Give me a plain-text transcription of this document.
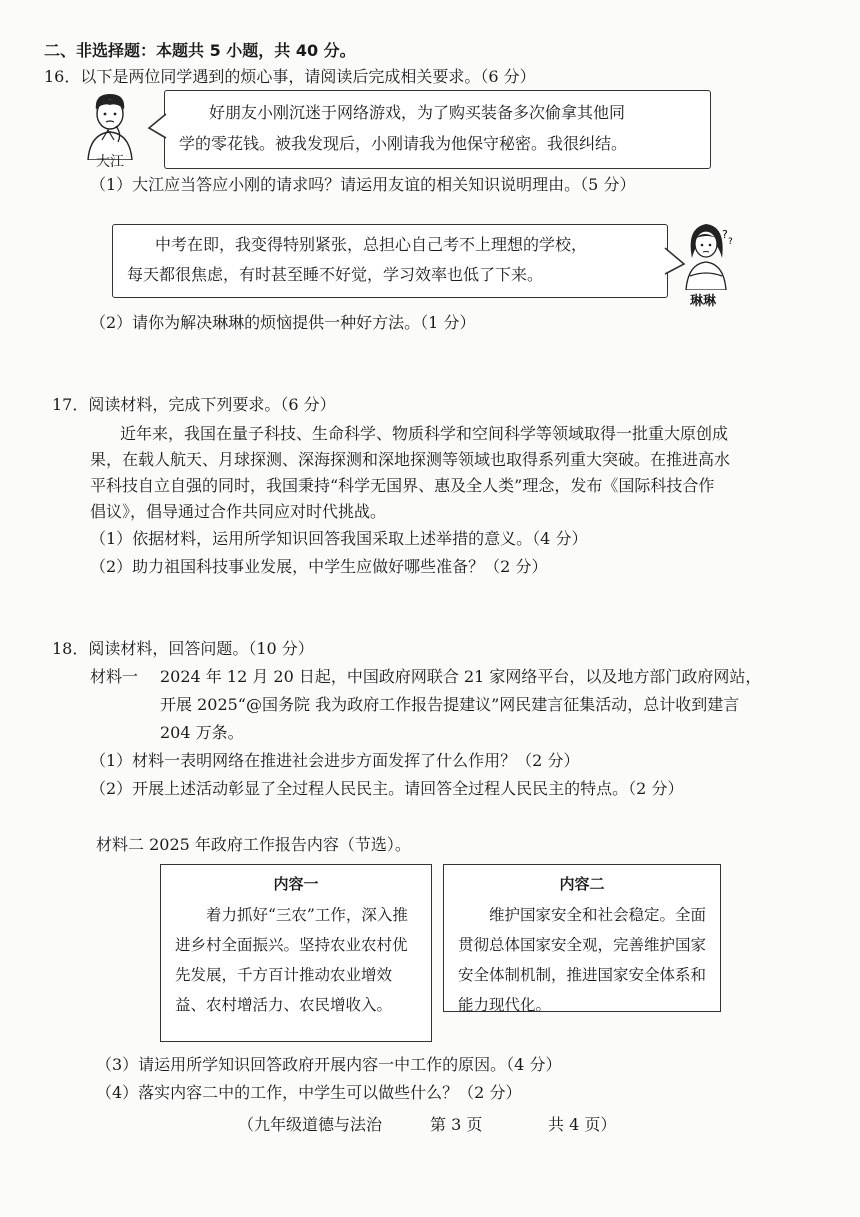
二、非选择题：本题共 5 小题，共 40 分。
16．以下是两位同学遇到的烦心事，请阅读后完成相关要求。（6 分）
大江
好朋友小刚沉迷于网络游戏，为了购买装备多次偷拿其他同
学的零花钱。被我发现后，小刚请我为他保守秘密。我很纠结。
（1）大江应当答应小刚的请求吗？请运用友谊的相关知识说明理由。（5 分）
中考在即，我变得特别紧张，总担心自己考不上理想的学校，
每天都很焦虑，有时甚至睡不好觉，学习效率也低了下来。
?
?
琳琳
（2）请你为解决琳琳的烦恼提供一种好方法。（1 分）
17．阅读材料，完成下列要求。（6 分）
近年来，我国在量子科技、生命科学、物质科学和空间科学等领域取得一批重大原创成
果，在载人航天、月球探测、深海探测和深地探测等领域也取得系列重大突破。在推进高水
平科技自立自强的同时，我国秉持“科学无国界、惠及全人类”理念，发布《国际科技合作
倡议》，倡导通过合作共同应对时代挑战。
（1）依据材料，运用所学知识回答我国采取上述举措的意义。（4 分）
（2）助力祖国科技事业发展，中学生应做好哪些准备？（2 分）
18．阅读材料，回答问题。（10 分）
材料一 2024 年 12 月 20 日起，中国政府网联合 21 家网络平台，以及地方部门政府网站，
开展 2025“@国务院 我为政府工作报告提建议”网民建言征集活动，总计收到建言
204 万条。
（1）材料一表明网络在推进社会进步方面发挥了什么作用？（2 分）
（2）开展上述活动彰显了全过程人民民主。请回答全过程人民民主的特点。（2 分）
材料二 2025 年政府工作报告内容（节选）。
内容一
着力抓好“三农”工作，深入推进乡村全面振兴。坚持农业农村优先发展，千方百计推动农业增效益、农村增活力、农民增收入。
内容二
维护国家安全和社会稳定。全面贯彻总体国家安全观，完善维护国家安全体制机制，推进国家安全体系和能力现代化。
（3）请运用所学知识回答政府开展内容一中工作的原因。（4 分）
（4）落实内容二中的工作，中学生可以做些什么？（2 分）
（九年级道德与法治	第 3 页	共 4 页）
